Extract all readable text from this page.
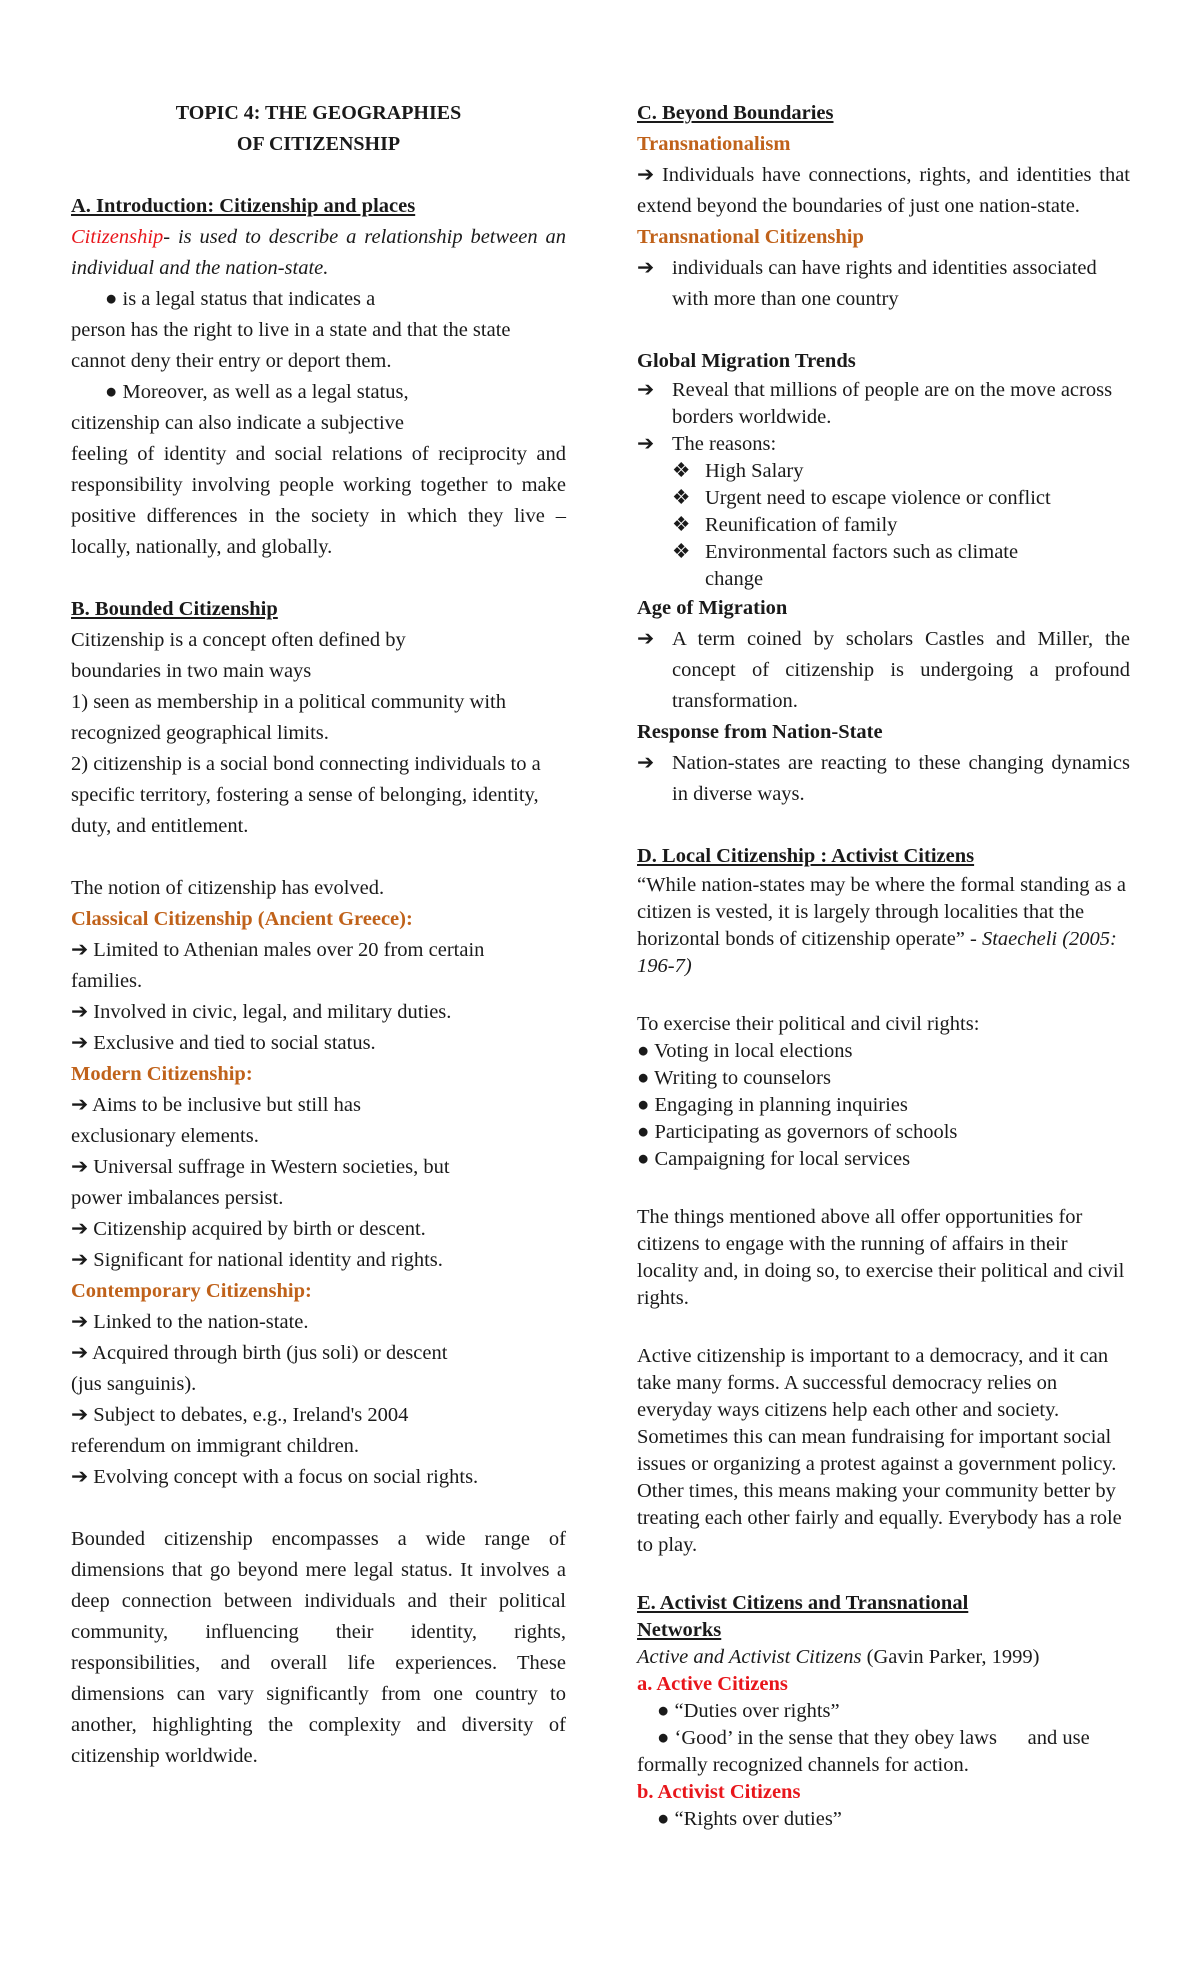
TOPIC 4: THE GEOGRAPHIES

OF CITIZENSHIP

A. Introduction: Citizenship and places

Citizenship- is used to describe a relationship between an individual and the nation-state.

● is a legal status that indicates a

person has the right to live in a state and that the state cannot deny their entry or deport them.

● Moreover, as well as a legal status,

citizenship can also indicate a subjective

feeling of identity and social relations of reciprocity and responsibility involving people working together to make positive differences in the society in which they live – locally, nationally, and globally.

B. Bounded Citizenship

Citizenship is a concept often defined by boundaries in two main ways

1) seen as membership in a political community with recognized geographical limits.

2) citizenship is a social bond connecting individuals to a specific territory, fostering a sense of belonging, identity, duty, and entitlement.

The notion of citizenship has evolved.

Classical Citizenship (Ancient Greece):

➔ Limited to Athenian males over 20 from certain families.

➔ Involved in civic, legal, and military duties.

➔ Exclusive and tied to social status.

Modern Citizenship:

➔ Aims to be inclusive but still has exclusionary elements.

➔ Universal suffrage in Western societies, but power imbalances persist.

➔ Citizenship acquired by birth or descent.

➔ Significant for national identity and rights.

Contemporary Citizenship:

➔ Linked to the nation-state.

➔ Acquired through birth (jus soli) or descent (jus sanguinis).

➔ Subject to debates, e.g., Ireland's 2004 referendum on immigrant children.

➔ Evolving concept with a focus on social rights.

Bounded citizenship encompasses a wide range of dimensions that go beyond mere legal status. It involves a deep connection between individuals and their political community, influencing their identity, rights, responsibilities, and overall life experiences. These dimensions can vary significantly from one country to another, highlighting the complexity and diversity of citizenship worldwide.

C. Beyond Boundaries

Transnationalism

➔ Individuals have connections, rights, and identities that extend beyond the boundaries of just one nation-state.

Transnational Citizenship

➔ individuals can have rights and identities associated with more than one country

Global Migration Trends

➔ Reveal that millions of people are on the move across borders worldwide.
➔ The reasons:
❖ High Salary
❖ Urgent need to escape violence or conflict
❖ Reunification of family
❖ Environmental factors such as climate change

Age of Migration

➔ A term coined by scholars Castles and Miller, the concept of citizenship is undergoing a profound transformation.

Response from Nation-State

➔ Nation-states are reacting to these changing dynamics in diverse ways.

D. Local Citizenship : Activist Citizens

“While nation-states may be where the formal standing as a citizen is vested, it is largely through localities that the horizontal bonds of citizenship operate” - Staecheli (2005: 196-7)

To exercise their political and civil rights:

● Voting in local elections

● Writing to counselors

● Engaging in planning inquiries

● Participating as governors of schools

● Campaigning for local services

The things mentioned above all offer opportunities for citizens to engage with the running of affairs in their locality and, in doing so, to exercise their political and civil rights.

Active citizenship is important to a democracy, and it can take many forms. A successful democracy relies on everyday ways citizens help each other and society. Sometimes this can mean fundraising for important social issues or organizing a protest against a government policy. Other times, this means making your community better by treating each other fairly and equally. Everybody has a role to play.

E. Activist Citizens and Transnational Networks

Active and Activist Citizens (Gavin Parker, 1999)

a. Active Citizens

● “Duties over rights”

● ‘Good’ in the sense that they obey laws      and use formally recognized channels for action.

b. Activist Citizens

● “Rights over duties”
